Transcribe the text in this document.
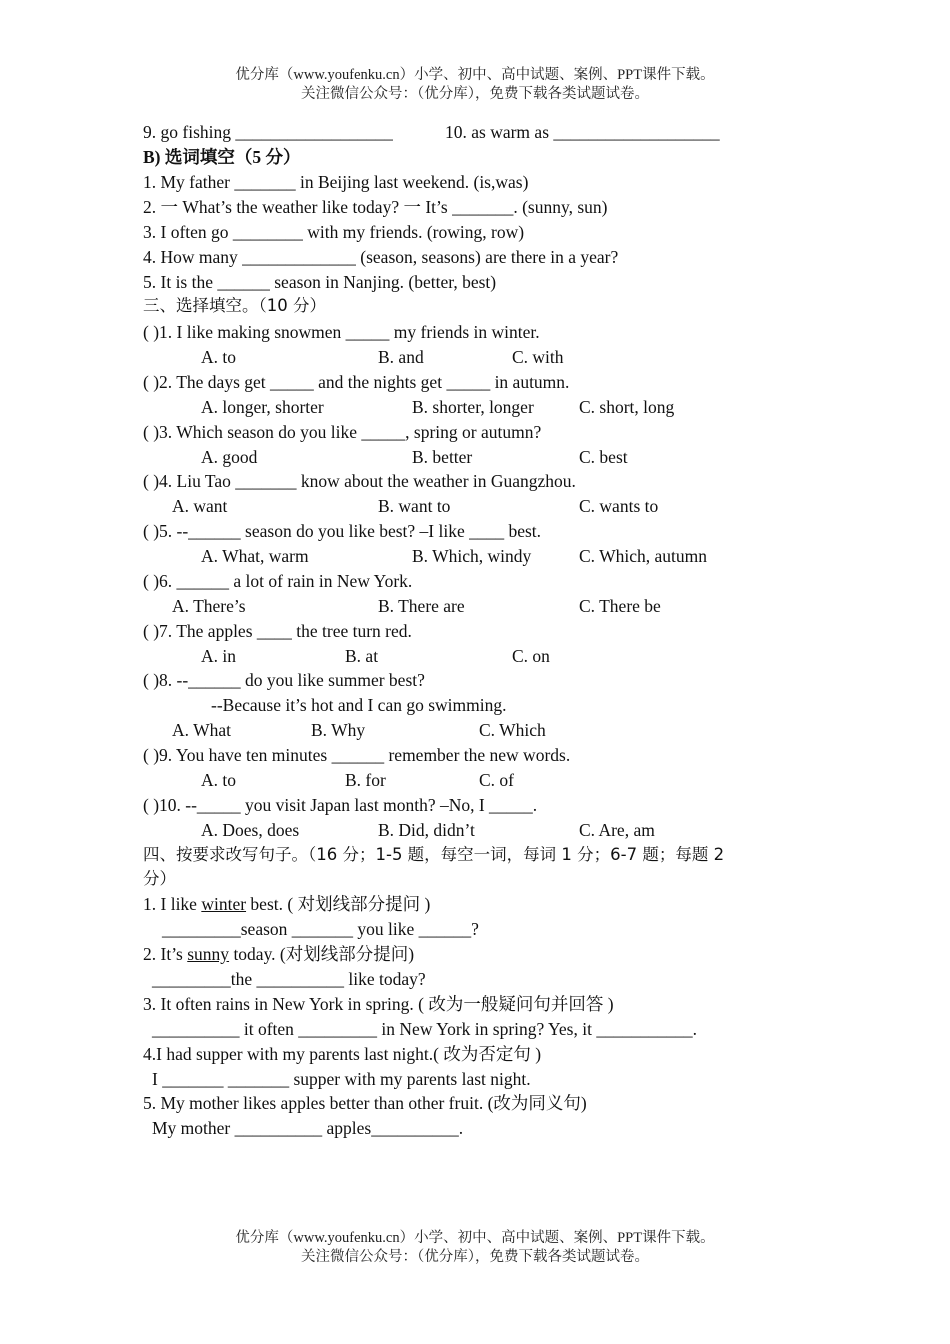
优分库（www.youfenku.cn）小学、初中、高中试题、案例、PPT课件下载。
关注微信公众号：（优分库），免费下载各类试题试卷。
9. go fishing __________________	10. as warm as ___________________
B) 选词填空（5 分）
1. My father _______ in Beijing last weekend. (is,was)
2. 一 What’s the weather like today? 一 It’s _______. (sunny, sun)
3. I often go ________ with my friends. (rowing, row)
4. How many _____________ (season, seasons) are there in a year?
5. It is the ______ season in Nanjing. (better, best)
三、选择填空。（10 分）
( )1. I like making snowmen _____ my friends in winter.
A. to	B. and	C. with
( )2. The days get _____ and the nights get _____ in autumn.
A. longer, shorter	B. shorter, longer	C. short, long
( )3. Which season do you like _____, spring or autumn?
A. good	B. better	C. best
( )4. Liu Tao _______ know about the weather in Guangzhou.
A. want	B. want to	C. wants to
( )5. --______ season do you like best? –I like ____ best.
A. What, warm	B. Which, windy	C. Which, autumn
( )6. ______ a lot of rain in New York.
A. There’s	B. There are	C. There be
( )7. The apples ____ the tree turn red.
A. in	B. at	C. on
( )8. --______ do you like summer best?
--Because it’s hot and I can go swimming.
A. What	B. Why	C. Which
( )9. You have ten minutes ______ remember the new words.
A. to	B. for	C. of
( )10. --_____ you visit Japan last month? –No, I _____.
A. Does, does	B. Did, didn’t	C. Are, am
四、按要求改写句子。（16 分；1-5 题，每空一词，每词 1 分；6-7 题；每题 2
分）
1. I like winter best. ( 对划线部分提问 )
_________season _______ you like ______?
2. It’s sunny today. (对划线部分提问)
_________the __________ like today?
3. It often rains in New York in spring. ( 改为一般疑问句并回答 )
__________ it often _________ in New York in spring? Yes, it ___________.
4.I had supper with my parents last night.( 改为否定句 )
I _______ _______ supper with my parents last night.
5. My mother likes apples better than other fruit. (改为同义句)
My mother __________ apples__________.
优分库（www.youfenku.cn）小学、初中、高中试题、案例、PPT课件下载。
关注微信公众号：（优分库），免费下载各类试题试卷。
